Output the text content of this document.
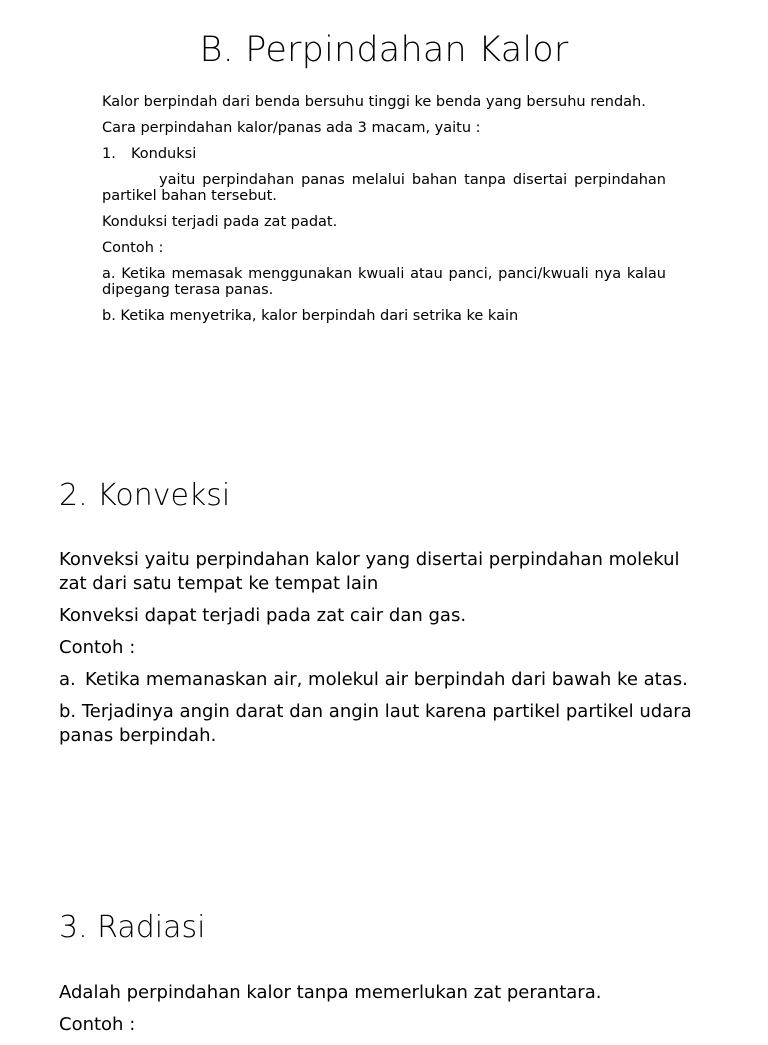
B. Perpindahan Kalor

Kalor berpindah dari benda bersuhu tinggi ke benda yang bersuhu rendah.

Cara perpindahan kalor/panas ada 3 macam, yaitu :

1.	Konduksi

yaitu perpindahan panas melalui bahan tanpa disertai perpindahan partikel bahan tersebut.

Konduksi terjadi pada zat padat.

Contoh :

a. Ketika memasak menggunakan kwuali atau panci, panci/kwuali nya kalau dipegang terasa panas.

b. Ketika menyetrika, kalor berpindah dari setrika ke kain

2. Konveksi

Konveksi yaitu perpindahan kalor yang disertai perpindahan molekul zat dari satu tempat ke tempat lain

Konveksi dapat terjadi pada zat cair dan gas.

Contoh :

a. Ketika memanaskan air, molekul air berpindah dari bawah ke atas.

b. Terjadinya angin darat dan angin laut karena partikel partikel udara panas berpindah.

3. Radiasi

Adalah perpindahan kalor tanpa memerlukan zat perantara.

Contoh :
